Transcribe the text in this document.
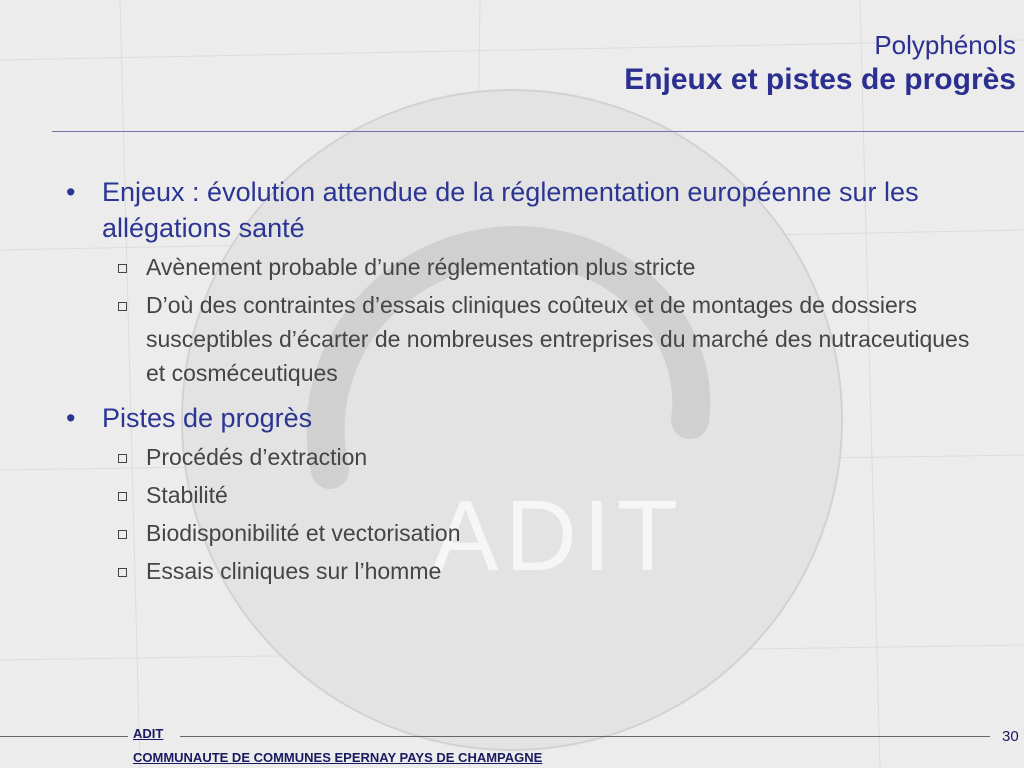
ADIT
Polyphénols
Enjeux et pistes de progrès
• Enjeux : évolution attendue de la réglementation européenne sur les allégations santé
Avènement probable d’une réglementation plus stricte
D’où des contraintes d’essais cliniques coûteux et de montages de dossiers susceptibles d’écarter de nombreuses entreprises du marché des nutraceutiques et cosméceutiques
• Pistes de progrès
Procédés d’extraction
Stabilité
Biodisponibilité et vectorisation
Essais cliniques sur l’homme
ADIT
COMMUNAUTE DE COMMUNES EPERNAY PAYS DE CHAMPAGNE
30
